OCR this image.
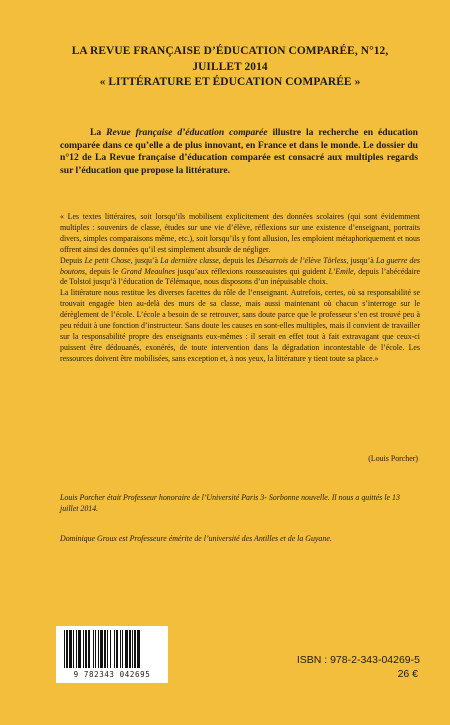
LA REVUE FRANÇAISE D’ÉDUCATION COMPARÉE, N°12,
JUILLET 2014
« LITTÉRATURE ET ÉDUCATION COMPARÉE »
La Revue française d’éducation comparée illustre la recherche en éducation comparée dans ce qu’elle a de plus innovant, en France et dans le monde. Le dossier du n°12 de La Revue française d’éducation comparée est consacré aux multiples regards sur l’éducation que propose la littérature.

« Les textes littéraires, soit lorsqu’ils mobilisent explicitement des données scolaires (qui sont évidemment multiples : souvenirs de classe, études sur une vie d’élève, réflexions sur une existence d’enseignant, portraits divers, simples comparaisons même, etc.), soit lorsqu’ils y font allusion, les emploient métaphoriquement et nous offrent ainsi des données qu’il est simplement absurde de négliger.

Depuis Le petit Chose, jusqu’à La dernière classe, depuis les Désarrois de l’élève Törless, jusqu’à La guerre des boutons, depuis le Grand Meaulnes jusqu’aux réflexions rousseauistes qui guident L’Emile, depuis l’abécédaire de Tolstoï jusqu’à l’éducation de Télémaque, nous disposons d’un inépuisable choix.

La littérature nous restitue les diverses facettes du rôle de l’enseignant. Autrefois, certes, où sa responsabilité se trouvait engagée bien au-delà des murs de sa classe, mais aussi maintenant où chacun s’interroge sur le dérèglement de l’école. L’école a besoin de se retrouver, sans doute parce que le professeur s’en est trouvé peu à peu réduit à une fonction d’instructeur. Sans doute les causes en sont-elles multiples, mais il convient de travailler sur la responsabilité propre des enseignants eux-mêmes : il serait en effet tout à fait extravagant que ceux-ci puissent être dédouanés, exonérés, de toute intervention dans la dégradation incontestable de l’école. Les ressources doivent être mobilisées, sans exception et, à nos yeux, la littérature y tient toute sa place.»

(Louis Porcher)
Louis Porcher était Professeur honoraire de l’Université Paris 3- Sorbonne nouvelle. Il nous a quittés le 13 juillet 2014.
Dominique Groux est Professeure émérite de l’université des Antilles et de la Guyane.
9 782343 042695
ISBN : 978-2-343-04269-5
26 €
